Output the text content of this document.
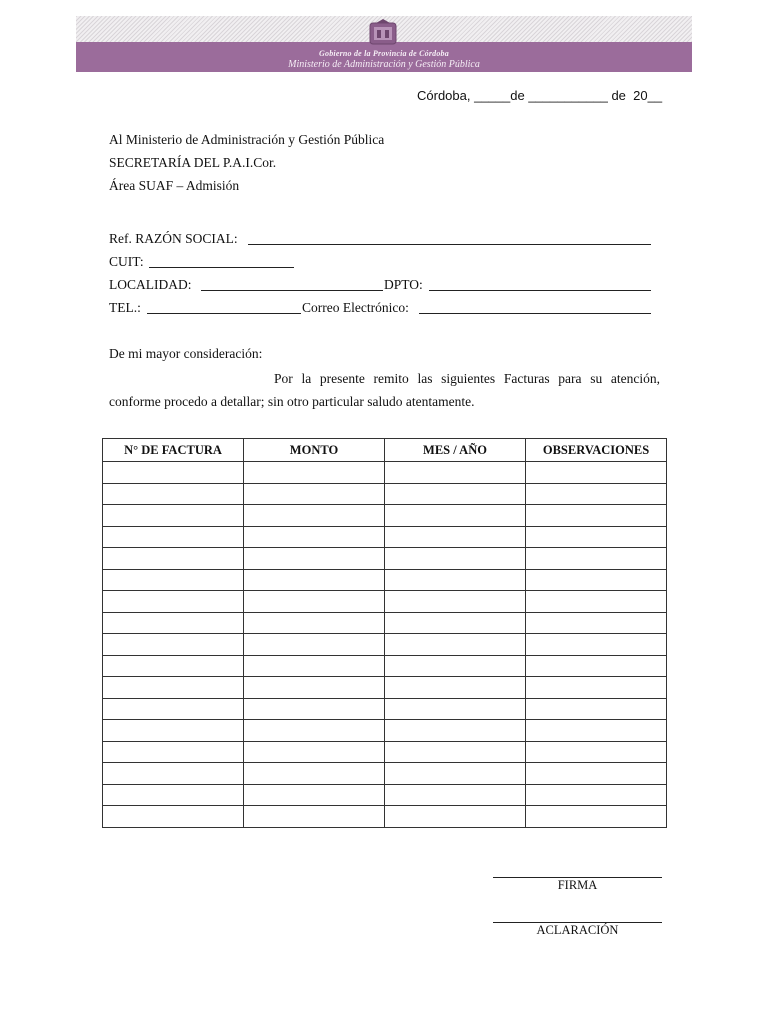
Gobierno de la Provincia de Córdoba
Ministerio de Administración y Gestión Pública
Córdoba, _____de ___________ de  20__
Al Ministerio de Administración y Gestión Pública
SECRETARÍA DEL P.A.I.Cor.
Área SUAF – Admisión
Ref. RAZÓN SOCIAL:
CUIT:
LOCALIDAD:	DPTO:
TEL.:	Correo Electrónico:
De mi mayor consideración:
Por la presente remito las siguientes Facturas para su atención, conforme procedo a detallar; sin otro particular saludo atentamente.
N° DE FACTURA	MONTO	MES / AÑO	OBSERVACIONES

FIRMA
ACLARACIÓN
